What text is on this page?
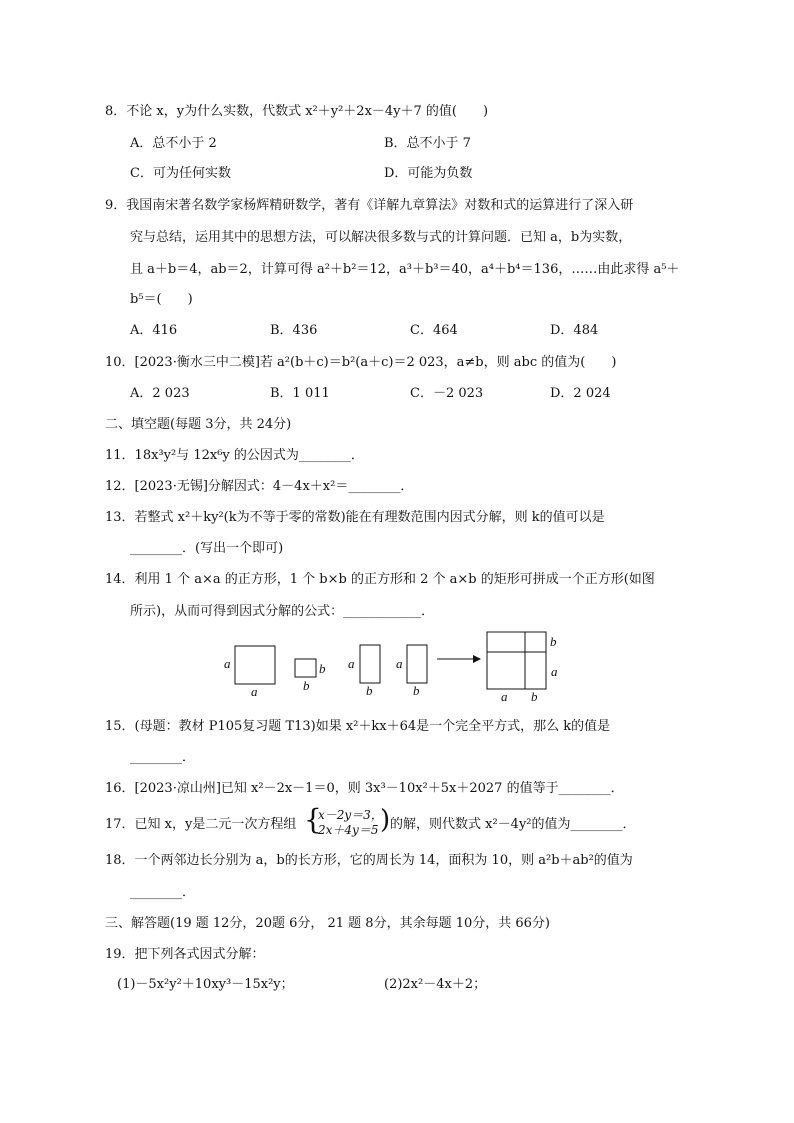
8．不论 x，y为什么实数，代数式 x²＋y²＋2x－4y＋7 的值(　　)
A．总不小于 2	B．总不小于 7
C．可为任何实数	D．可能为负数
9．我国南宋著名数学家杨辉精研数学，著有《详解九章算法》对数和式的运算进行了深入研
究与总结，运用其中的思想方法，可以解决很多数与式的计算问题．已知 a，b为实数，
且 a＋b＝4，ab＝2，计算可得 a²＋b²＝12，a³＋b³＝40，a⁴＋b⁴＝136，……由此求得 a⁵＋
b⁵＝(　　)
A．416	B．436	C．464	D．484
10．[2023·衡水三中二模]若 a²(b＋c)＝b²(a＋c)＝2 023，a≠b，则 abc 的值为(　　)
A．2 023	B．1 011	C．－2 023	D．2 024
二、填空题(每题 3分，共 24分)
11．18x³y²与 12x⁶y 的公因式为________．
12．[2023·无锡]分解因式：4－4x＋x²＝________．
13．若整式 x²＋ky²(k为不等于零的常数)能在有理数范围内因式分解，则 k的值可以是
________．(写出一个即可)
14．利用 1 个 a×a 的正方形，1 个 b×b 的正方形和 2 个 a×b 的矩形可拼成一个正方形(如图
所示)，从而可得到因式分解的公式：____________．
a
a
b
b
a
b
a
b
b
a
a b
15．(母题：教材 P105复习题 T13)如果 x²＋kx＋64是一个完全平方式，那么 k的值是
________．
16．[2023·凉山州]已知 x²－2x－1＝0，则 3x³－10x²＋5x＋2027 的值等于________．
17．已知 x，y是二元一次方程组 {
x－2y＝3，
2x＋4y＝5 ) 的解，则代数式 x²－4y²的值为________．
18．一个两邻边长分别为 a，b的长方形，它的周长为 14，面积为 10，则 a²b＋ab²的值为
________．
三、解答题(19 题 12分，20题 6分， 21 题 8分，其余每题 10分，共 66分)
19．把下列各式因式分解：
(1)－5x²y²＋10xy³－15x²y；	(2)2x²－4x＋2；
